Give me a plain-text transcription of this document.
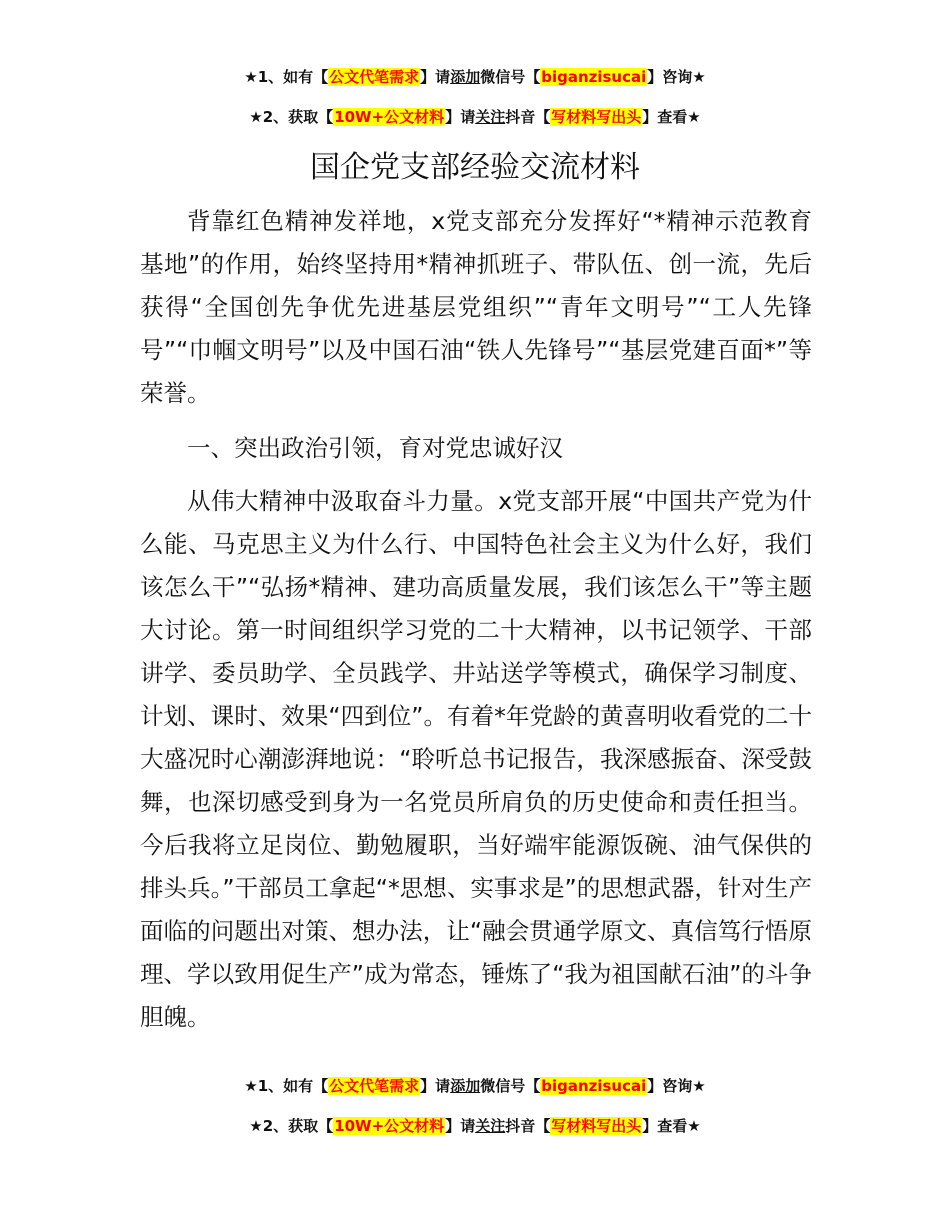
★1、如有【公文代笔需求】请添加微信号【biganzisucai】咨询★
★2、获取【10W+公文材料】请关注抖音【写材料写出头】查看★
国企党支部经验交流材料

背靠红色精神发祥地，x党支部充分发挥好“*精神示范教育基地”的作用，始终坚持用*精神抓班子、带队伍、创一流，先后获得“全国创先争优先进基层党组织”“青年文明号”“工人先锋号”“巾帼文明号”以及中国石油“铁人先锋号”“基层党建百面*”等荣誉。

一、突出政治引领，育对党忠诚好汉

从伟大精神中汲取奋斗力量。x党支部开展“中国共产党为什么能、马克思主义为什么行、中国特色社会主义为什么好，我们该怎么干”“弘扬*精神、建功高质量发展，我们该怎么干”等主题大讨论。第一时间组织学习党的二十大精神，以书记领学、干部讲学、委员助学、全员践学、井站送学等模式，确保学习制度、计划、课时、效果“四到位”。有着*年党龄的黄喜明收看党的二十大盛况时心潮澎湃地说：“聆听总书记报告，我深感振奋、深受鼓舞，也深切感受到身为一名党员所肩负的历史使命和责任担当。今后我将立足岗位、勤勉履职，当好端牢能源饭碗、油气保供的排头兵。”干部员工拿起“*思想、实事求是”的思想武器，针对生产面临的问题出对策、想办法，让“融会贯通学原文、真信笃行悟原理、学以致用促生产”成为常态，锤炼了“我为祖国献石油”的斗争胆魄。

★1、如有【公文代笔需求】请添加微信号【biganzisucai】咨询★
★2、获取【10W+公文材料】请关注抖音【写材料写出头】查看★
